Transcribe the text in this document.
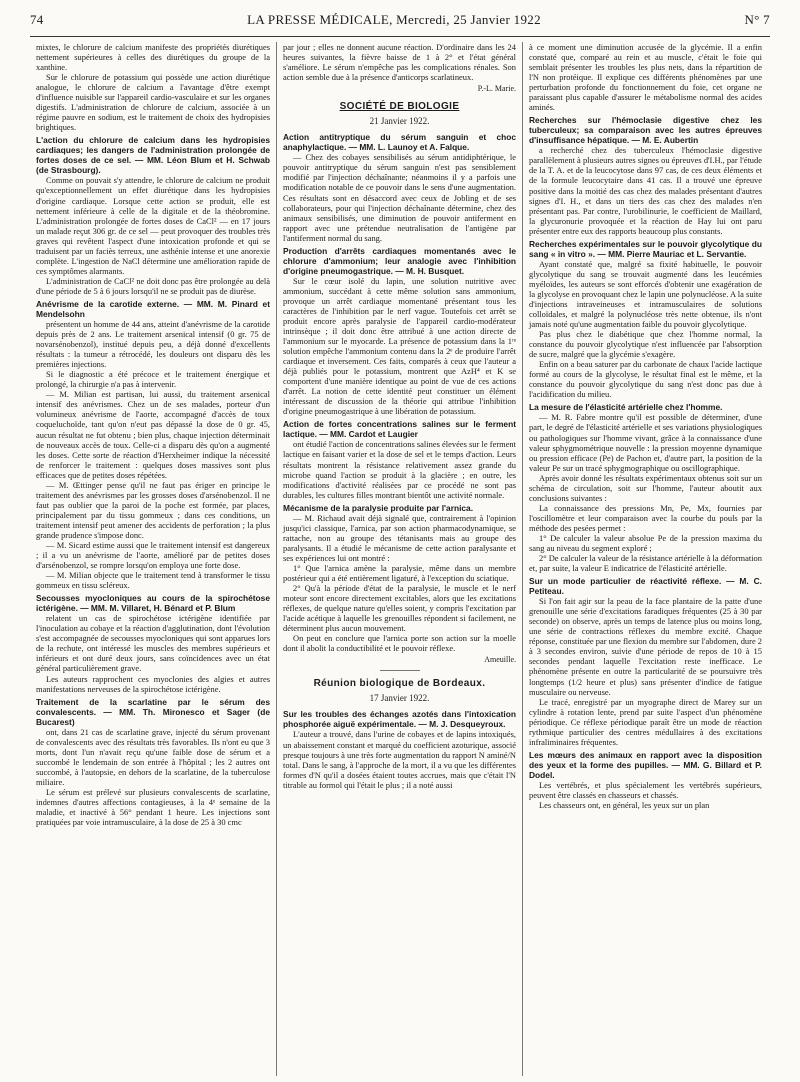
74	LA PRESSE MÉDICALE, Mercredi, 25 Janvier 1922	N° 7

mixtes, le chlorure de calcium manifeste des propriétés diurétiques nettement supérieures à celles des diurétiques du groupe de la xanthine.

Sur le chlorure de potassium qui possède une action diurétique analogue, le chlorure de calcium a l'avantage d'être exempt d'influence nuisible sur l'appareil cardio-vasculaire et sur les organes digestifs. L'administration de chlorure de calcium, associée à un régime pauvre en sodium, est le traitement de choix des hydropisies brightiques.

L'action du chlorure de calcium dans les hydropisies cardiaques; les dangers de l'administration prolongée de fortes doses de ce sel. — MM. Léon Blum et H. Schwab (de Strasbourg).

Comme on pouvait s'y attendre, le chlorure de calcium ne produit qu'exceptionnellement un effet diurétique dans les hydropisies d'origine cardiaque. Lorsque cette action se produit, elle est nettement inférieure à celle de la digitale et de la théobromine. L'administration prolongée de fortes doses de CaCl² — en 17 jours un malade reçut 306 gr. de ce sel — peut provoquer des troubles très graves qui revêtent l'aspect d'une intoxication profonde et qui se traduisent par un faciès terreux, une asthénie intense et une anorexie complète. L'ingestion de NaCl détermine une amélioration rapide de ces symptômes alarmants.

L'administration de CaCl² ne doit donc pas être prolongée au delà d'une période de 5 à 6 jours lorsqu'il ne se produit pas de diurèse.

Anévrisme de la carotide externe. — MM. M. Pinard et Mendelsohn

présentent un homme de 44 ans, atteint d'anévrisme de la carotide depuis près de 2 ans. Le traitement arsenical intensif (0 gr. 75 de novarsénobenzol), institué depuis peu, a déjà donné d'excellents résultats : la tumeur a rétrocédé, les douleurs ont disparu dès les premières injections.

Si le diagnostic a été précoce et le traitement énergique et prolongé, la chirurgie n'a pas à intervenir.

— M. Milian est partisan, lui aussi, du traitement arsenical intensif des anévrismes. Chez un de ses malades, porteur d'un volumineux anévrisme de l'aorte, accompagné d'accès de toux coqueluchoïde, tant qu'on n'eut pas dépassé la dose de 0 gr. 45, aucun résultat ne fut obtenu ; bien plus, chaque injection déterminait de nouveaux accès de toux. Celle-ci a disparu dès qu'on a augmenté les doses. Cette sorte de réaction d'Herxheimer indique la nécessité de renforcer le traitement : quelques doses massives sont plus efficaces que de petites doses répétées.

— M. Œttinger pense qu'il ne faut pas ériger en principe le traitement des anévrismes par les grosses doses d'arsénobenzol. Il ne faut pas oublier que la paroi de la poche est formée, par places, principalement par du tissu gommeux ; dans ces conditions, un traitement intensif peut amener des accidents de perforation ; la plus grande prudence s'impose donc.

— M. Sicard estime aussi que le traitement intensif est dangereux ; il a vu un anévrisme de l'aorte, amélioré par de petites doses d'arsénobenzol, se rompre lorsqu'on employa une forte dose.

— M. Milian objecte que le traitement tend à transformer le tissu gommeux en tissu scléreux.

Secousses myocloniques au cours de la spirochétose ictérigène. — MM. M. Villaret, H. Bénard et P. Blum

relatent un cas de spirochétose ictérigène identifiée par l'inoculation au cobaye et la réaction d'agglutination, dont l'évolution s'est accompagnée de secousses myocloniques qui sont apparues lors de la rechute, ont intéressé les muscles des membres supérieurs et inférieurs et ont duré deux jours, sans coïncidences avec un état général particulièrement grave.

Les auteurs rapprochent ces myoclonies des algies et autres manifestations nerveuses de la spirochétose ictérigène.

Traitement de la scarlatine par le sérum des convalescents. — MM. Th. Mironesco et Sager (de Bucarest)

ont, dans 21 cas de scarlatine grave, injecté du sérum provenant de convalescents avec des résultats très favorables. Ils n'ont eu que 3 morts, dont l'un n'avait reçu qu'une faible dose de sérum et a succombé le lendemain de son entrée à l'hôpital ; les 2 autres ont succombé, à l'autopsie, en dehors de la scarlatine, de la tuberculose miliaire.

Le sérum est prélevé sur plusieurs convalescents de scarlatine, indemnes d'autres affections contagieuses, à la 4ᵉ semaine de la maladie, et inactivé à 56° pendant 1 heure. Les injections sont pratiquées par voie intramusculaire, à la dose de 25 à 30 cmc

par jour ; elles ne donnent aucune réaction. D'ordinaire dans les 24 heures suivantes, la fièvre baisse de 1 à 2° et l'état général s'améliore. Le sérum n'empêche pas les complications rénales. Son action semble due à la présence d'anticorps scarlatineux.

P.-L. Marie.
SOCIÉTÉ DE BIOLOGIE
21 Janvier 1922.
Action antitryptique du sérum sanguin et choc anaphylactique. — MM. L. Launoy et A. Falque.

— Chez des cobayes sensibilisés au sérum antidiphtérique, le pouvoir antitryptique du sérum sanguin n'est pas sensiblement modifié par l'injection déchaînante; néanmoins il y a parfois une modification notable de ce pouvoir dans le sens d'une augmentation. Ces résultats sont en désaccord avec ceux de Jobling et de ses collaborateurs, pour qui l'injection déchaînante détermine, chez des animaux sensibilisés, une diminution de pouvoir antiferment en rapport avec une prétendue neutralisation de l'antigène par l'antiferment normal du sang.

Production d'arrêts cardiaques momentanés avec le chlorure d'ammonium; leur analogie avec l'inhibition d'origine pneumogastrique. — M. H. Busquet.

Sur le cœur isolé du lapin, une solution nutritive avec ammonium, succédant à cette même solution sans ammonium, provoque un arrêt cardiaque momentané présentant tous les caractères de l'inhibition par le nerf vague. Toutefois cet arrêt se produit encore après paralysie de l'appareil cardio-modérateur intrinsèque ; il doit donc être attribué à une action directe de l'ammonium sur le myocarde. La présence de potassium dans la 1ʳᵉ solution empêche l'ammonium contenu dans la 2ᵉ de produire l'arrêt cardiaque et inversement. Ces faits, comparés à ceux que l'auteur a déjà publiés pour le potassium, montrent que AzH⁴ et K se comportent d'une manière identique au point de vue de ces actions d'arrêt. La notion de cette identité peut constituer un élément intéressant de discussion de la théorie qui attribue l'inhibition d'origine pneumogastrique à une libération de potassium.

Action de fortes concentrations salines sur le ferment lactique. — MM. Cardot et Laugier

ont étudié l'action de concentrations salines élevées sur le ferment lactique en faisant varier et la dose de sel et le temps d'action. Leurs résultats montrent la résistance relativement assez grande du microbe quand l'action se produit à la glacière ; en outre, les modifications d'activité réalisées par ce procédé ne sont pas durables, les cultures filles montrant bientôt une activité normale.

Mécanisme de la paralysie produite par l'arnica.

— M. Richaud avait déjà signalé que, contrairement à l'opinion jusqu'ici classique, l'arnica, par son action pharmacodynamique, se rattache, non au groupe des tétanisants mais au groupe des paralysants. Il a étudié le mécanisme de cette action paralysante et ses expériences lui ont montré :

1° Que l'arnica amène la paralysie, même dans un membre postérieur qui a été entièrement ligaturé, à l'exception du sciatique.

2° Qu'à la période d'état de la paralysie, le muscle et le nerf moteur sont encore directement excitables, alors que les excitations réflexes, de quelque nature qu'elles soient, y compris l'excitation par l'acide acétique à laquelle les grenouilles répondent si facilement, ne déterminent plus aucun mouvement.

On peut en conclure que l'arnica porte son action sur la moelle dont il abolit la conductibilité et le pouvoir réflexe.

Ameuille.
Réunion biologique de Bordeaux.
17 Janvier 1922.
Sur les troubles des échanges azotés dans l'intoxication phosphorée aiguë expérimentale. — M. J. Desqueyroux.

L'auteur a trouvé, dans l'urine de cobayes et de lapins intoxiqués, un abaissement constant et marqué du coefficient azoturique, associé presque toujours à une très forte augmentation du rapport N aminé/N total. Dans le sang, à l'approche de la mort, il a vu que les différentes formes d'N qu'il a dosées étaient toutes accrues, mais que c'était l'N titrable au formol qui l'était le plus ; il a noté aussi

à ce moment une diminution accusée de la glycémie. Il a enfin constaté que, comparé au rein et au muscle, c'était le foie qui semblait présenter les troubles les plus nets, dans la répartition de l'N non protéique. Il explique ces différents phénomènes par une perturbation profonde du fonctionnement du foie, cet organe ne paraissant plus capable d'assurer le métabolisme normal des acides aminés.

Recherches sur l'hémoclasie digestive chez les tuberculeux; sa comparaison avec les autres épreuves d'insuffisance hépatique. — M. E. Aubertin

a recherché chez des tuberculeux l'hémoclasie digestive parallèlement à plusieurs autres signes ou épreuves d'I.H., par l'étude de la T. A. et de la leucocytose dans 97 cas, de ces deux éléments et de la formule leucocytaire dans 41 cas. Il a trouvé une épreuve positive dans la moitié des cas chez des malades présentant d'autres signes d'I. H., et dans un tiers des cas chez des malades n'en présentant pas. Par contre, l'urobilinurie, le coefficient de Maillard, la glycuronurie provoquée et la réaction de Hay lui ont paru présenter entre eux des rapports beaucoup plus constants.

Recherches expérimentales sur le pouvoir glycolytique du sang « in vitro ». — MM. Pierre Mauriac et L. Servantie.

Ayant constaté que, malgré sa fixité habituelle, le pouvoir glycolytique du sang se trouvait augmenté dans les leucémies myéloïdes, les auteurs se sont efforcés d'obtenir une exagération de la glycolyse en provoquant chez le lapin une polynucléose. A la suite d'injections intraveineuses et intramusculaires de solutions colloïdales, et malgré la polynucléose très nette obtenue, ils n'ont jamais noté qu'une augmentation faible du pouvoir glycolytique.

Pas plus chez le diabétique que chez l'homme normal, la constance du pouvoir glycolytique n'est influencée par l'absorption de sucre, malgré que la glycémie s'exagère.

Enfin on a beau saturer par du carbonate de chaux l'acide lactique formé au cours de la glycolyse, le résultat final est le même, et la constance du pouvoir glycolytique du sang n'est donc pas due à l'acidification du milieu.

La mesure de l'élasticité artérielle chez l'homme.

— M. R. Fabre montre qu'il est possible de déterminer, d'une part, le degré de l'élasticité artérielle et ses variations physiologiques ou pathologiques sur l'homme vivant, grâce à la connaissance d'une valeur sphygmométrique nouvelle : la pression moyenne dynamique ou pression efficace (Pe) de Pachon et, d'autre part, la position de la valeur Pe sur un tracé sphygmographique ou oscillographique.

Après avoir donné les résultats expérimentaux obtenus soit sur un schéma de circulation, soit sur l'homme, l'auteur aboutit aux conclusions suivantes :

La connaissance des pressions Mn, Pe, Mx, fournies par l'oscillomètre et leur comparaison avec la courbe du pouls par la méthode des pesées permet :

1° De calculer la valeur absolue Pe de la pression maxima du sang au niveau du segment exploré ;

2° De calculer la valeur de la résistance artérielle à la déformation et, par suite, la valeur E indicatrice de l'élasticité artérielle.

Sur un mode particulier de réactivité réflexe. — M. C. Petiteau.

Si l'on fait agir sur la peau de la face plantaire de la patte d'une grenouille une série d'excitations faradiques fréquentes (25 à 30 par seconde) on observe, après un temps de latence plus ou moins long, une série de contractions réflexes du membre excité. Chaque réponse, constituée par une flexion du membre sur l'abdomen, dure 2 à 3 secondes environ, suivie d'une période de repos de 10 à 15 secondes pendant laquelle l'excitation reste inefficace. Le phénomène présente en outre la particularité de se poursuivre très longtemps (1/2 heure et plus) sans présenter d'indice de fatigue musculaire ou nerveuse.

Le tracé, enregistré par un myographe direct de Marey sur un cylindre à rotation lente, prend par suite l'aspect d'un phénomène périodique. Ce réflexe périodique paraît être un mode de réaction rythmique particulier des centres médullaires à des excitations infraliminaires fréquentes.

Les mœurs des animaux en rapport avec la disposition des yeux et la forme des pupilles. — MM. G. Billard et P. Dodel.

Les vertébrés, et plus spécialement les vertébrés supérieurs, peuvent être classés en chasseurs et chassés.

Les chasseurs ont, en général, les yeux sur un plan
